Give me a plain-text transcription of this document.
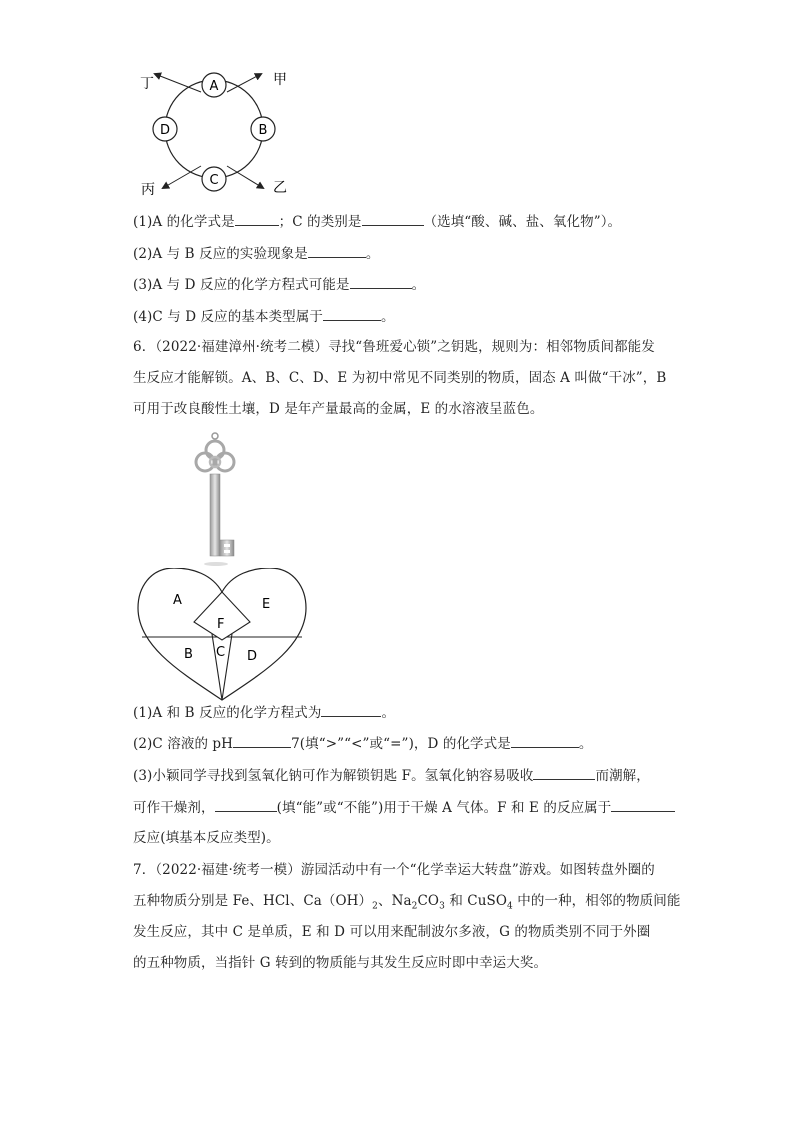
A
B
C
D
丁	甲
丙	乙
(1)A 的化学式是	；C 的类别是	（选填“酸、碱、盐、氧化物”）。
(2)A 与 B 反应的实验现象是	。
(3)A 与 D 反应的化学方程式可能是	。
(4)C 与 D 反应的基本类型属于	。
6．（2022·福建漳州·统考二模）寻找“鲁班爱心锁”之钥匙，规则为：相邻物质间都能发
生反应才能解锁。A、B、C、D、E 为初中常见不同类别的物质，固态 A 叫做“干冰”，B
可用于改良酸性土壤，D 是年产量最高的金属，E 的水溶液呈蓝色。
A	E
F
B C D
(1)A 和 B 反应的化学方程式为	。
(2)C 溶液的 pH	7(填“>”“<”或“=”)，D 的化学式是	。
(3)小颖同学寻找到氢氧化钠可作为解锁钥匙 F。氢氧化钠容易吸收	而潮解，
可作干燥剂，	(填“能”或“不能”)用于干燥 A 气体。F 和 E 的反应属于
反应(填基本反应类型)。
7．（2022·福建·统考一模）游园活动中有一个“化学幸运大转盘”游戏。如图转盘外圈的
五种物质分别是 Fe、HCl、$Ca(OH)_2$、$Na_2CO_3$ 和 CuSO$_4$ 中的一种，相邻的物质间能
发生反应，其中 C 是单质，E 和 D 可以用来配制波尔多液，G 的物质类别不同于外圈
的五种物质，当指针 G 转到的物质能与其发生反应时即中幸运大奖。
